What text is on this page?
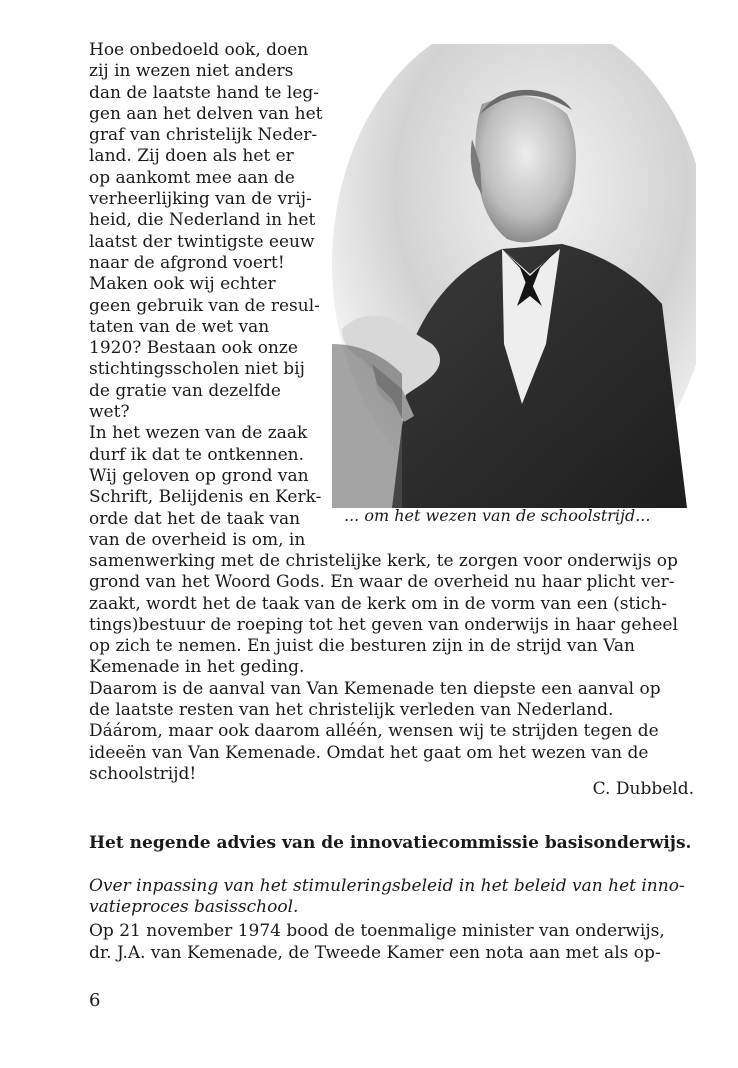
Hoe onbedoeld ook, doen
zij in wezen niet anders
dan de laatste hand te leg-
gen aan het delven van het
graf van christelijk Neder-
land. Zij doen als het er
op aankomt mee aan de
verheerlijking van de vrij-
heid, die Nederland in het
laatst der twintigste eeuw
naar de afgrond voert!
Maken ook wij echter
geen gebruik van de resul-
taten van de wet van
1920? Bestaan ook onze
stichtingsscholen niet bij
de gratie van dezelfde
wet?
In het wezen van de zaak
durf ik dat te ontkennen.
Wij geloven op grond van
Schrift, Belijdenis en Kerk-
orde dat het de taak van
van de overheid is om, in
... om het wezen van de schoolstrijd...
samenwerking met de christelijke kerk, te zorgen voor onderwijs op
grond van het Woord Gods. En waar de overheid nu haar plicht ver-
zaakt, wordt het de taak van de kerk om in de vorm van een (stich-
tings)bestuur de roeping tot het geven van onderwijs in haar geheel
op zich te nemen. En juist die besturen zijn in de strijd van Van
Kemenade in het geding.
Daarom is de aanval van Van Kemenade ten diepste een aanval op
de laatste resten van het christelijk verleden van Nederland.
Dáárom, maar ook daarom alléén, wensen wij te strijden tegen de
ideeën van Van Kemenade. Omdat het gaat om het wezen van de
schoolstrijd!
C. Dubbeld.
Het negende advies van de innovatiecommissie basisonderwijs.
Over inpassing van het stimuleringsbeleid in het beleid van het inno-
vatieproces basisschool.
Op 21 november 1974 bood de toenmalige minister van onderwijs,
dr. J.A. van Kemenade, de Tweede Kamer een nota aan met als op-
6
